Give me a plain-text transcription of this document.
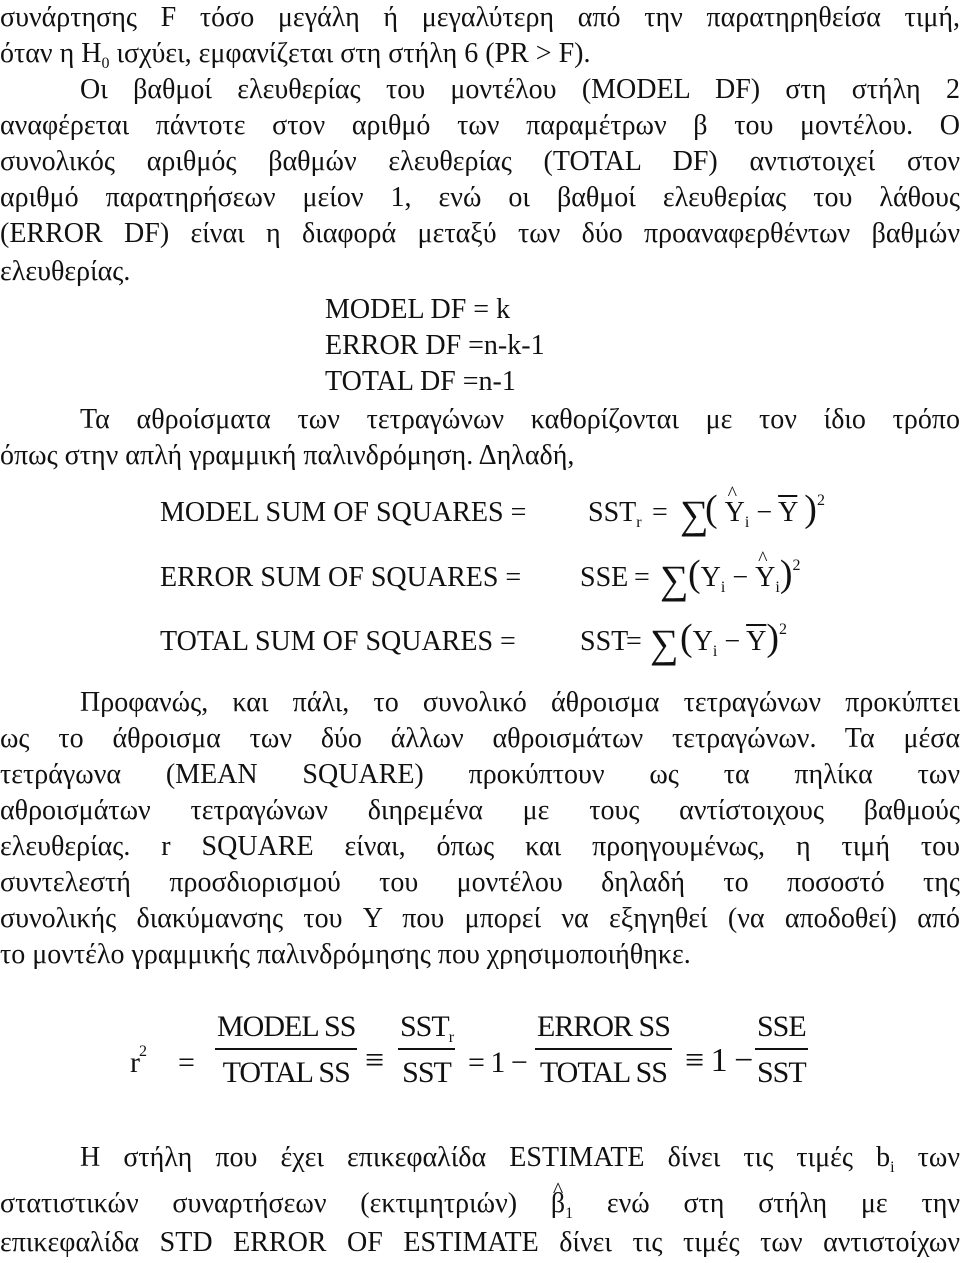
συνάρτησης F τόσο μεγάλη ή μεγαλύτερη από την παρατηρηθείσα τιμή,
όταν η $H_0$ ισχύει, εμφανίζεται στη στήλη 6 (PR > F).
Οι βαθμοί ελευθερίας του μοντέλου (MODEL DF) στη στήλη 2
αναφέρεται πάντοτε στον αριθμό των παραμέτρων β του μοντέλου. Ο
συνολικός αριθμός βαθμών ελευθερίας (TOTAL DF) αντιστοιχεί στον
αριθμό παρατηρήσεων μείον 1, ενώ οι βαθμοί ελευθερίας του λάθους
(ERROR DF) είναι η διαφορά μεταξύ των δύο προαναφερθέντων βαθμών
ελευθερίας.
MODEL DF = k
ERROR DF =n-k-1
TOTAL DF =n-1
Τα αθροίσματα των τετραγώνων καθορίζονται με τον ίδιο τρόπο
όπως στην απλή γραμμική παλινδρόμηση. Δηλαδή,
MODEL SUM OF SQUARES = $SST_r$ = ∑
( ^ $Y_i - \overline{Y}$ )$^2$
ERROR SUM OF SQUARES = SSE = ∑ ($Y_i$ − ^ $Y_i)^2$
TOTAL SUM OF SQUARES = SST
= ∑ $(Y_i - \overline{Y})^2$
Προφανώς, και πάλι, το συνολικό άθροισμα τετραγώνων προκύπτει
ως το άθροισμα των δύο άλλων αθροισμάτων τετραγώνων. Τα μέσα
τετράγωνα (MEAN SQUARE) προκύπτουν ως τα πηλίκα των
αθροισμάτων τετραγώνων διηρεμένα με τους αντίστοιχους βαθμούς
ελευθερίας. r SQUARE είναι, όπως και προηγουμένως, η τιμή του
συντελεστή προσδιορισμού του μοντέλου δηλαδή το ποσοστό της
συνολικής διακύμανσης του Y που μπορεί να εξηγηθεί (να αποδοθεί) από
το μοντέλο γραμμικής παλινδρόμησης που χρησιμοποιήθηκε.
$r^2$ =
MODEL SS
TOTAL SS ≡
$SST_r$
SST = 1 −
ERROR SS
TOTAL SS ≡ 1 −
SSE
SST
Η στήλη που έχει επικεφαλίδα ESTIMATE δίνει τις τιμές $b_i$ των
στατιστικών συναρτήσεων (εκτιμητριών) ^ $\beta_1$ ενώ στη στήλη με την
επικεφαλίδα STD ERROR OF ESTIMATE δίνει τις τιμές των αντιστοίχων
